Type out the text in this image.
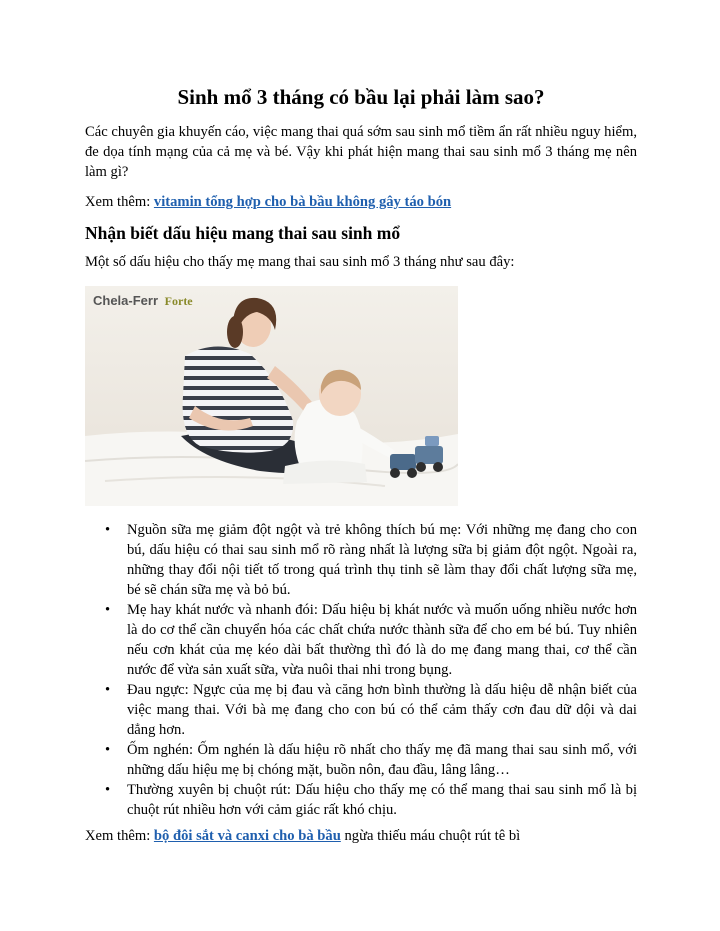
Sinh mổ 3 tháng có bầu lại phải làm sao?

Các chuyên gia khuyến cáo, việc mang thai quá sớm sau sinh mổ tiềm ẩn rất nhiều nguy hiểm, đe dọa tính mạng của cả mẹ và bé. Vậy khi phát hiện mang thai sau sinh mổ 3 tháng mẹ nên làm gì?

Xem thêm: vitamin tổng hợp cho bà bầu không gây táo bón

Nhận biết dấu hiệu mang thai sau sinh mổ

Một số dấu hiệu cho thấy mẹ mang thai sau sinh mổ 3 tháng như sau đây:

Chela-Ferr Forte
• Nguồn sữa mẹ giảm đột ngột và trẻ không thích bú mẹ: Với những mẹ đang cho con bú, dấu hiệu có thai sau sinh mổ rõ ràng nhất là lượng sữa bị giảm đột ngột. Ngoài ra, những thay đổi nội tiết tố trong quá trình thụ tinh sẽ làm thay đổi chất lượng sữa mẹ, bé sẽ chán sữa mẹ và bỏ bú.
• Mẹ hay khát nước và nhanh đói: Dấu hiệu bị khát nước và muốn uống nhiều nước hơn là do cơ thể cần chuyển hóa các chất chứa nước thành sữa để cho em bé bú. Tuy nhiên nếu cơn khát của mẹ kéo dài bất thường thì đó là do mẹ đang mang thai, cơ thể cần nước để vừa sản xuất sữa, vừa nuôi thai nhi trong bụng.
• Đau ngực: Ngực của mẹ bị đau và căng hơn bình thường là dấu hiệu dễ nhận biết của việc mang thai. Với bà mẹ đang cho con bú có thể cảm thấy cơn đau dữ dội và dai dẳng hơn.
• Ốm nghén: Ốm nghén là dấu hiệu rõ nhất cho thấy mẹ đã mang thai sau sinh mổ, với những dấu hiệu mẹ bị chóng mặt, buồn nôn, đau đầu, lâng lâng…
• Thường xuyên bị chuột rút: Dấu hiệu cho thấy mẹ có thể mang thai sau sinh mổ là bị chuột rút nhiều hơn với cảm giác rất khó chịu.

Xem thêm: bộ đôi sắt và canxi cho bà bầu ngừa thiếu máu chuột rút tê bì
